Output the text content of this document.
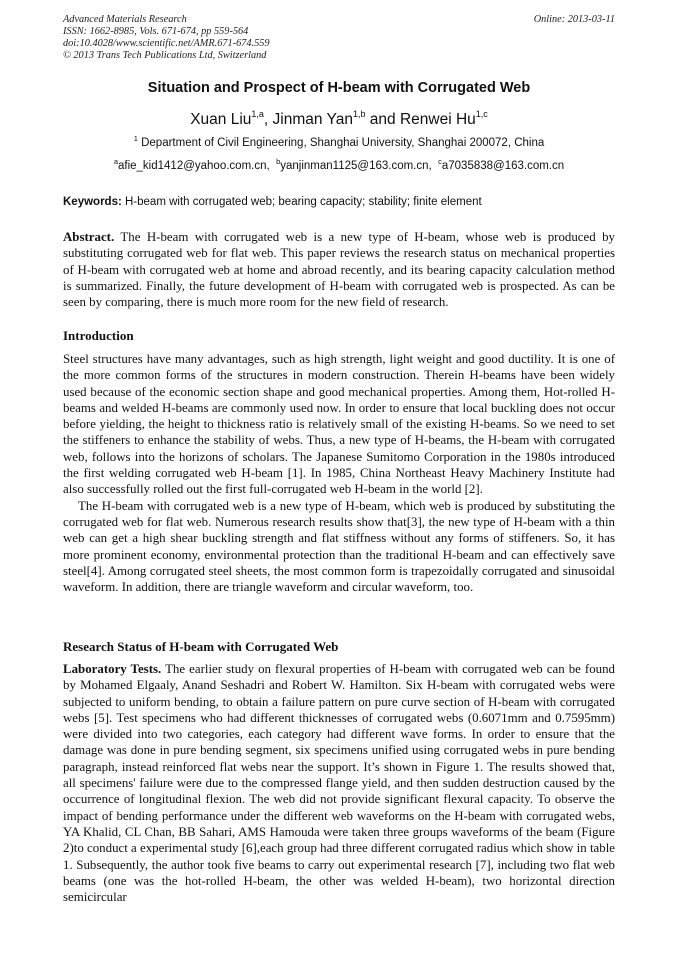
Advanced Materials Research
ISSN: 1662-8985, Vols. 671-674, pp 559-564
doi:10.4028/www.scientific.net/AMR.671-674.559
© 2013 Trans Tech Publications Ltd, Switzerland
Online: 2013-03-11
Situation and Prospect of H-beam with Corrugated Web
Xuan Liu$^{1,a}$, Jinman Yan$^{1,b}$ and Renwei Hu$^{1,c}$
$^1$ Department of Civil Engineering, Shanghai University, Shanghai 200072, China
$^a$afie_kid1412@yahoo.com.cn, $^b$yanjinman1125@163.com.cn, $^c$a7035838@163.com.cn
Keywords: H-beam with corrugated web; bearing capacity; stability; finite element

Abstract. The H-beam with corrugated web is a new type of H-beam, whose web is produced by substituting corrugated web for flat web. This paper reviews the research status on mechanical properties of H-beam with corrugated web at home and abroad recently, and its bearing capacity calculation method is summarized. Finally, the future development of H-beam with corrugated web is prospected. As can be seen by comparing, there is much more room for the new field of research.

Introduction

Steel structures have many advantages, such as high strength, light weight and good ductility. It is one of the more common forms of the structures in modern construction. Therein H-beams have been widely used because of the economic section shape and good mechanical properties. Among them, Hot-rolled H-beams and welded H-beams are commonly used now. In order to ensure that local buckling does not occur before yielding, the height to thickness ratio is relatively small of the existing H-beams. So we need to set the stiffeners to enhance the stability of webs. Thus, a new type of H-beams, the H-beam with corrugated web, follows into the horizons of scholars. The Japanese Sumitomo Corporation in the 1980s introduced the first welding corrugated web H-beam [1]. In 1985, China Northeast Heavy Machinery Institute had also successfully rolled out the first full-corrugated web H-beam in the world [2].

The H-beam with corrugated web is a new type of H-beam, which web is produced by substituting the corrugated web for flat web. Numerous research results show that[3], the new type of H-beam with a thin web can get a high shear buckling strength and flat stiffness without any forms of stiffeners. So, it has more prominent economy, environmental protection than the traditional H-beam and can effectively save steel[4]. Among corrugated steel sheets, the most common form is trapezoidally corrugated and sinusoidal waveform. In addition, there are triangle waveform and circular waveform, too.

Research Status of H-beam with Corrugated Web

Laboratory Tests. The earlier study on flexural properties of H-beam with corrugated web can be found by Mohamed Elgaaly, Anand Seshadri and Robert W. Hamilton. Six H-beam with corrugated webs were subjected to uniform bending, to obtain a failure pattern on pure curve section of H-beam with corrugated webs [5]. Test specimens who had different thicknesses of corrugated webs (0.6071mm and 0.7595mm) were divided into two categories, each category had different wave forms. In order to ensure that the damage was done in pure bending segment, six specimens unified using corrugated webs in pure bending paragraph, instead reinforced flat webs near the support. It’s shown in Figure 1. The results showed that, all specimens' failure were due to the compressed flange yield, and then sudden destruction caused by the occurrence of longitudinal flexion. The web did not provide significant flexural capacity. To observe the impact of bending performance under the different web waveforms on the H-beam with corrugated webs, YA Khalid, CL Chan, BB Sahari, AMS Hamouda were taken three groups waveforms of the beam (Figure 2)to conduct a experimental study [6],each group had three different corrugated radius which show in table 1. Subsequently, the author took five beams to carry out experimental research [7], including two flat web beams (one was the hot-rolled H-beam, the other was welded H-beam), two horizontal direction semicircular
